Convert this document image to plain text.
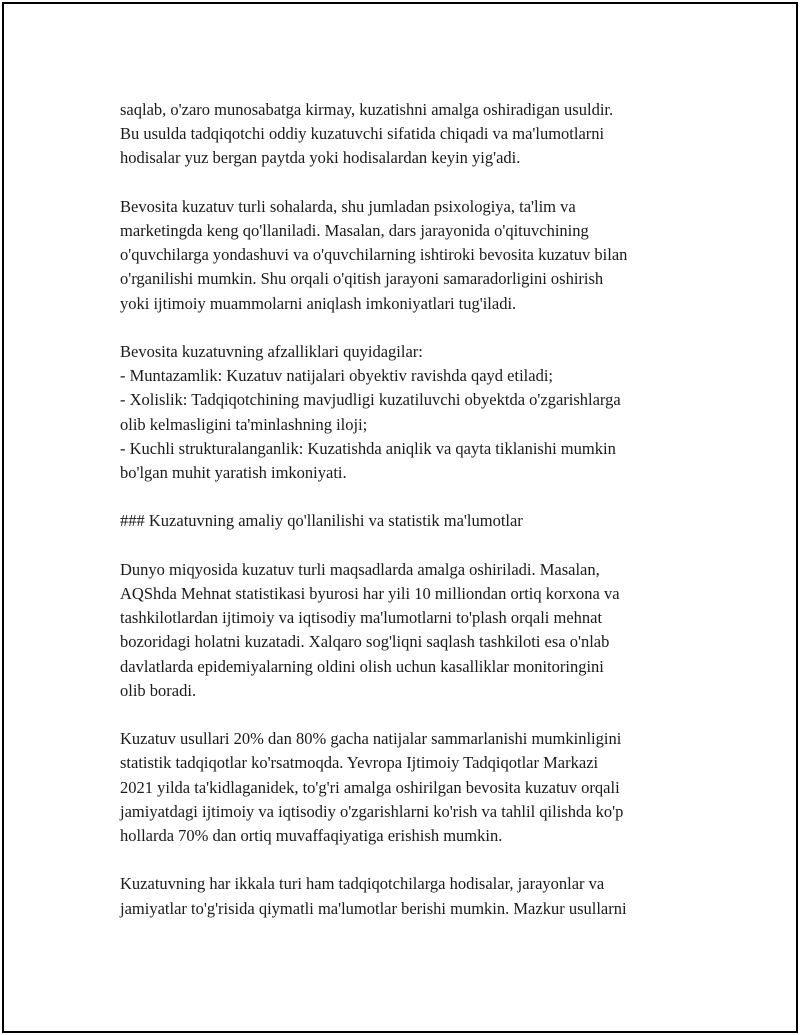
saqlab, o'zaro munosabatga kirmay, kuzatishni amalga oshiradigan usuldir.
Bu usulda tadqiqotchi oddiy kuzatuvchi sifatida chiqadi va ma'lumotlarni
hodisalar yuz bergan paytda yoki hodisalardan keyin yig'adi.

Bevosita kuzatuv turli sohalarda, shu jumladan psixologiya, ta'lim va
marketingda keng qo'llaniladi. Masalan, dars jarayonida o'qituvchining
o'quvchilarga yondashuvi va o'quvchilarning ishtiroki bevosita kuzatuv bilan
o'rganilishi mumkin. Shu orqali o'qitish jarayoni samaradorligini oshirish
yoki ijtimoiy muammolarni aniqlash imkoniyatlari tug'iladi.

Bevosita kuzatuvning afzalliklari quyidagilar:
- Muntazamlik: Kuzatuv natijalari obyektiv ravishda qayd etiladi;
- Xolislik: Tadqiqotchining mavjudligi kuzatiluvchi obyektda o'zgarishlarga
olib kelmasligini ta'minlashning iloji;
- Kuchli strukturalanganlik: Kuzatishda aniqlik va qayta tiklanishi mumkin
bo'lgan muhit yaratish imkoniyati.

### Kuzatuvning amaliy qo'llanilishi va statistik ma'lumotlar

Dunyo miqyosida kuzatuv turli maqsadlarda amalga oshiriladi. Masalan,
AQShda Mehnat statistikasi byurosi har yili 10 milliondan ortiq korxona va
tashkilotlardan ijtimoiy va iqtisodiy ma'lumotlarni to'plash orqali mehnat
bozoridagi holatni kuzatadi. Xalqaro sog'liqni saqlash tashkiloti esa o'nlab
davlatlarda epidemiyalarning oldini olish uchun kasalliklar monitoringini
olib boradi.

Kuzatuv usullari 20% dan 80% gacha natijalar sammarlanishi mumkinligini
statistik tadqiqotlar ko'rsatmoqda. Yevropa Ijtimoiy Tadqiqotlar Markazi
2021 yilda ta'kidlaganidek, to'g'ri amalga oshirilgan bevosita kuzatuv orqali
jamiyatdagi ijtimoiy va iqtisodiy o'zgarishlarni ko'rish va tahlil qilishda ko'p
hollarda 70% dan ortiq muvaffaqiyatiga erishish mumkin.

Kuzatuvning har ikkala turi ham tadqiqotchilarga hodisalar, jarayonlar va
jamiyatlar to'g'risida qiymatli ma'lumotlar berishi mumkin. Mazkur usullarni
